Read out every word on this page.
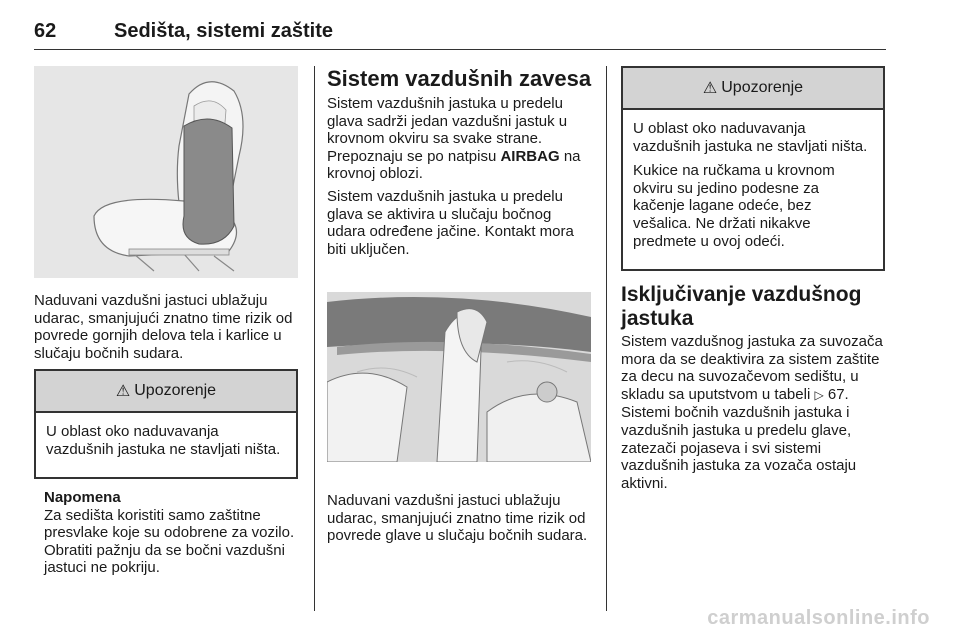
62	Sedišta, sistemi zaštite
Naduvani vazdušni jastuci ublažuju udarac, smanjujući znatno time rizik od povrede gornjih delova tela i karlice u slučaju bočnih sudara.
⚠ Upozorenje

U oblast oko naduvavanja vazdušnih jastuka ne stavljati ništa.

Napomena

Za sedišta koristiti samo zaštitne presvlake koje su odobrene za vozilo. Obratiti pažnju da se bočni vazdušni jastuci ne pokriju.

Sistem vazdušnih zavesa

Sistem vazdušnih jastuka u predelu glava sadrži jedan vazdušni jastuk u krovnom okviru sa svake strane. Prepoznaju se po natpisu AIRBAG na krovnoj oblozi.

Sistem vazdušnih jastuka u predelu glava se aktivira u slučaju bočnog udara određene jačine. Kontakt mora biti uključen.

Naduvani vazdušni jastuci ublažuju udarac, smanjujući znatno time rizik od povrede glave u slučaju bočnih sudara.
⚠ Upozorenje

U oblast oko naduvavanja vazdušnih jastuka ne stavljati ništa.

Kukice na ručkama u krovnom okviru su jedino podesne za kačenje lagane odeće, bez vešalica. Ne držati nikakve predmete u ovoj odeći.

Isključivanje vazdušnog jastuka

Sistem vazdušnog jastuka za suvozača mora da se deaktivira za sistem zaštite za decu na suvozačevom sedištu, u skladu sa uputstvom u tabeli ▷ 67. Sistemi bočnih vazdušnih jastuka i vazdušnih jastuka u predelu glave, zatezači pojaseva i svi sistemi vazdušnih jastuka za vozača ostaju aktivni.

carmanualsonline.info
